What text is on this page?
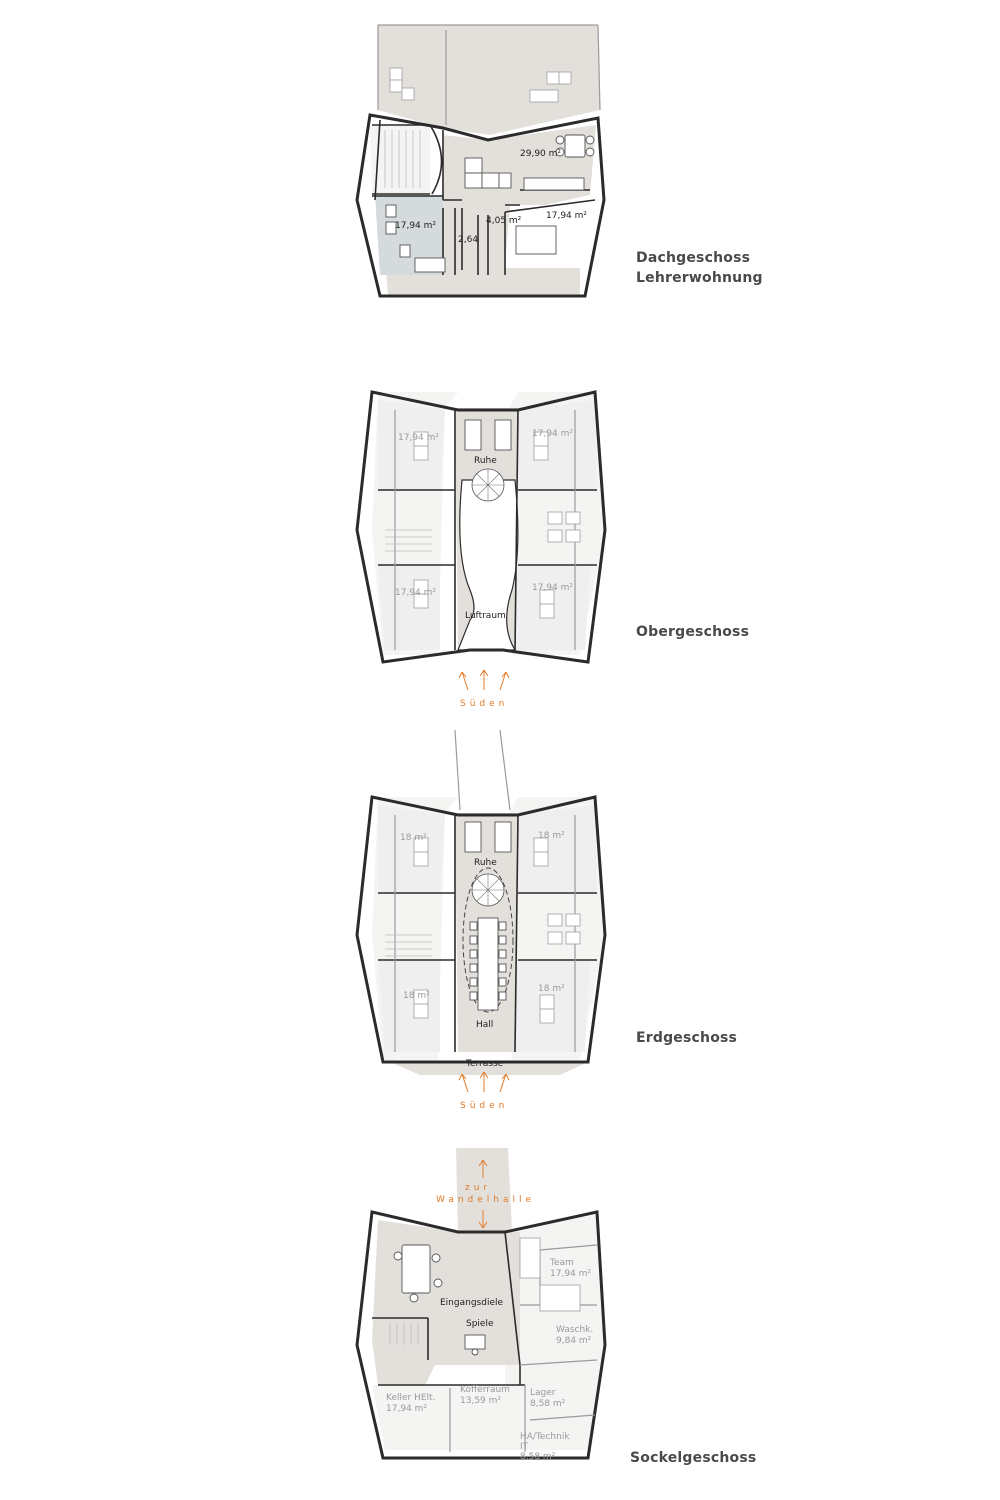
29,90 m²
17,94 m²
17,94 m²
4,05 m²
2,64
Dachgeschoss
Lehrerwohnung
17,94 m²	17,94 m²
17,94 m²	17,94 m²
Ruhe
Luftraum
Süden
Obergeschoss
18 m²	18 m²
18 m²
18 m²
Ruhe
Hall
Terrasse
Süden
Erdgeschoss
zur
Wandelhalle
Eingangsdiele
Spiele
Team
17,94 m²
Waschk.
9,84 m²
Keller HElt.
17,94 m²
Kofferraum
13,59 m²
Lager
8,58 m²
HA/Technik
IT
8,58 m²	Sockelgeschoss
